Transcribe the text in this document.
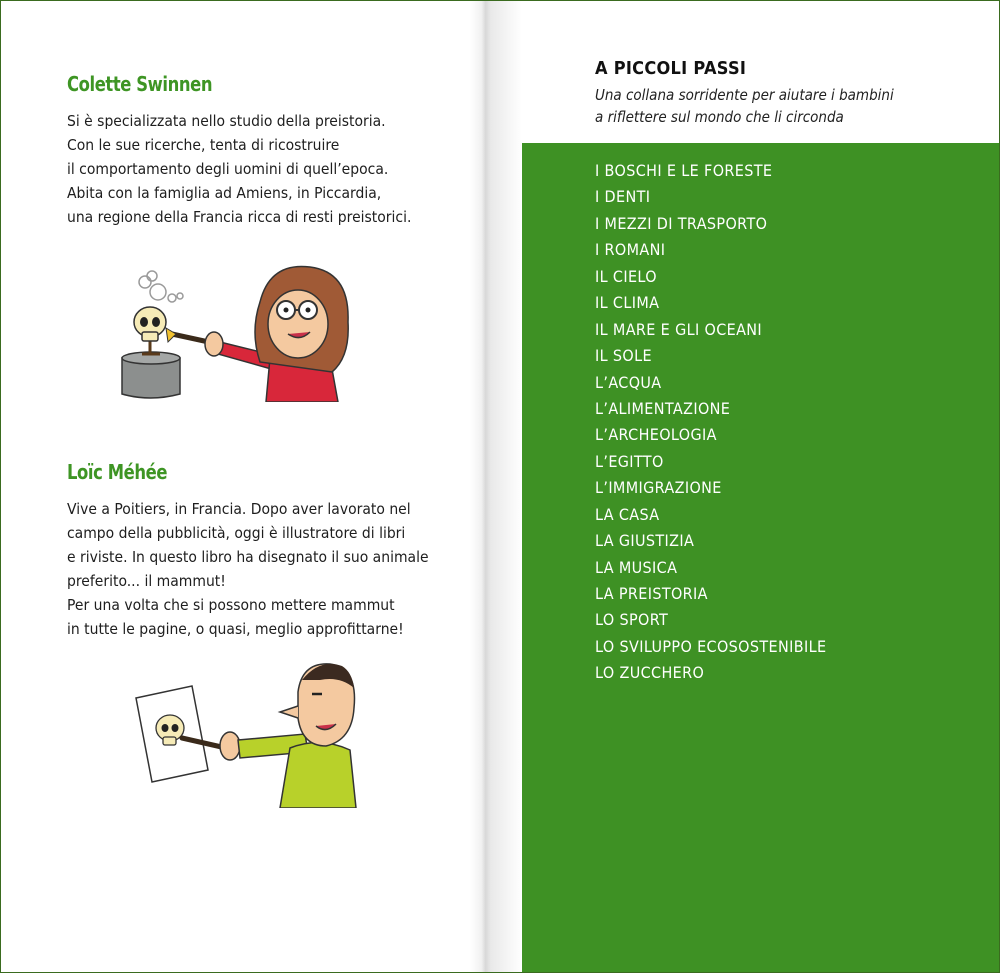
Colette Swinnen

Si è specializzata nello studio della preistoria.
Con le sue ricerche, tenta di ricostruire
il comportamento degli uomini di quell’epoca.
Abita con la famiglia ad Amiens, in Piccardia,
una regione della Francia ricca di resti preistorici.

Loïc Méhée

Vive a Poitiers, in Francia. Dopo aver lavorato nel
campo della pubblicità, oggi è illustratore di libri
e riviste. In questo libro ha disegnato il suo animale
preferito... il mammut!
Per una volta che si possono mettere mammut
in tutte le pagine, o quasi, meglio approfittarne!

A PICCOLI PASSI

Una collana sorridente per aiutare i bambini
a riflettere sul mondo che li circonda

I BOSCHI E LE FORESTE
I DENTI
I MEZZI DI TRASPORTO
I ROMANI
IL CIELO
IL CLIMA
IL MARE E GLI OCEANI
IL SOLE
L’ACQUA
L’ALIMENTAZIONE
L’ARCHEOLOGIA
L’EGITTO
L’IMMIGRAZIONE
LA CASA
LA GIUSTIZIA
LA MUSICA
LA PREISTORIA
LO SPORT
LO SVILUPPO ECOSOSTENIBILE
LO ZUCCHERO
